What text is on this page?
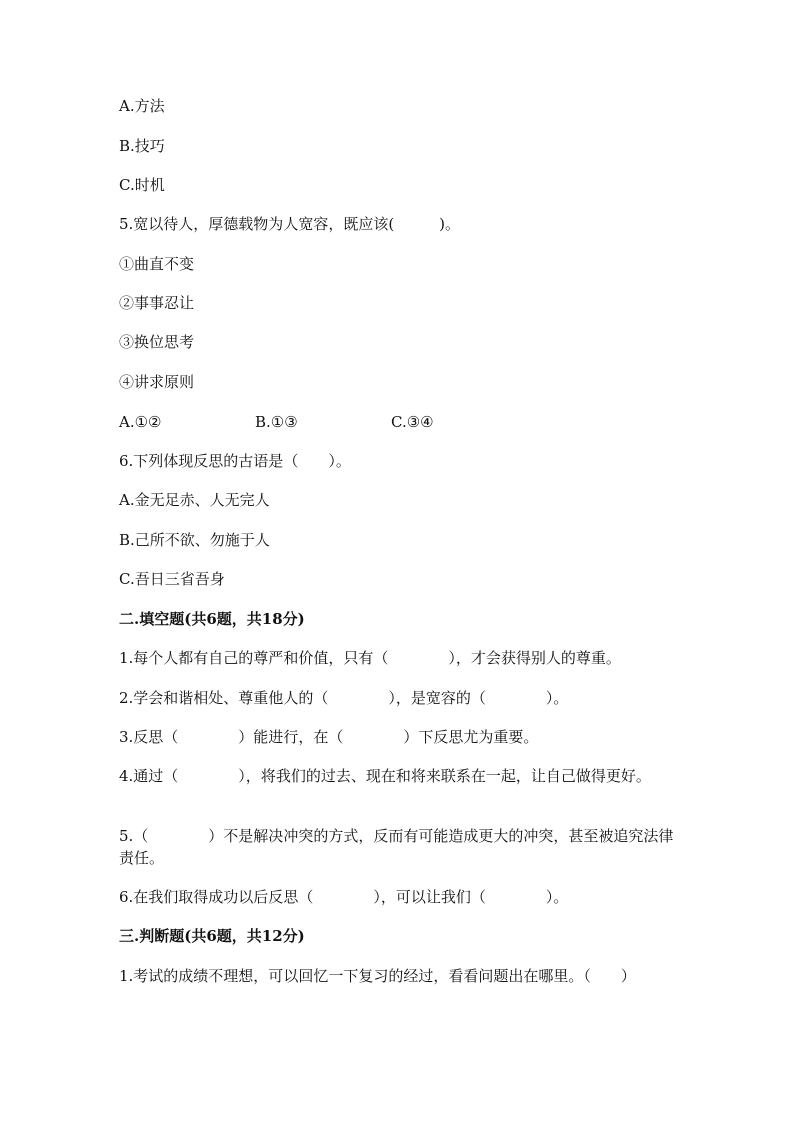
A.方法
B.技巧
C.时机
5.宽以待人，厚德载物为人宽容，既应该(　　　)。
①曲直不变
②事事忍让
③换位思考
④讲求原则
A.①②	B.①③	C.③④
6.下列体现反思的古语是（　　）。
A.金无足赤、人无完人
B.己所不欲、勿施于人
C.吾日三省吾身
二.填空题(共6题，共18分)
1.每个人都有自己的尊严和价值，只有（　　　　），才会获得别人的尊重。
2.学会和谐相处、尊重他人的（　　　　），是宽容的（　　　　）。
3.反思（　　　　）能进行，在（　　　　）下反思尤为重要。
4.通过（　　　　），将我们的过去、现在和将来联系在一起，让自己做得更好。
5.（　　　　）不是解决冲突的方式，反而有可能造成更大的冲突，甚至被追究法律责任。
6.在我们取得成功以后反思（　　　　），可以让我们（　　　　）。
三.判断题(共6题，共12分)
1.考试的成绩不理想，可以回忆一下复习的经过，看看问题出在哪里。（　　）
